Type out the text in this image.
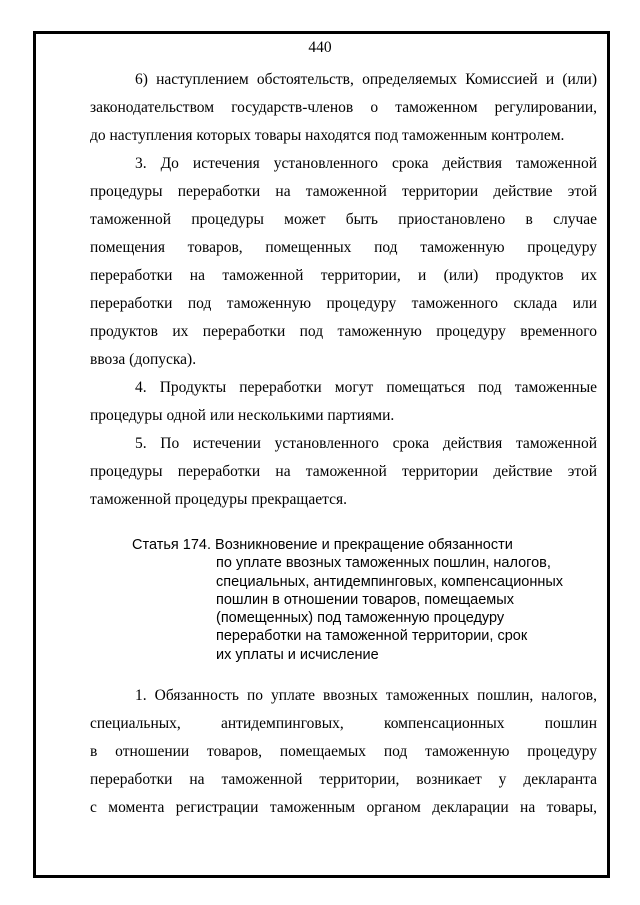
440
6) наступлением обстоятельств, определяемых Комиссией и (или)
законодательством государств-членов о таможенном регулировании,
до наступления которых товары находятся под таможенным контролем.
3. До истечения установленного срока действия таможенной
процедуры переработки на таможенной территории действие этой
таможенной процедуры может быть приостановлено в случае
помещения товаров, помещенных под таможенную процедуру
переработки на таможенной территории, и (или) продуктов их
переработки под таможенную процедуру таможенного склада или
продуктов их переработки под таможенную процедуру временного
ввоза (допуска).
4. Продукты переработки могут помещаться под таможенные
процедуры одной или несколькими партиями.
5. По истечении установленного срока действия таможенной
процедуры переработки на таможенной территории действие этой
таможенной процедуры прекращается.
Статья 174. Возникновение и прекращение обязанности
по уплате ввозных таможенных пошлин, налогов,
специальных, антидемпинговых, компенсационных
пошлин в отношении товаров, помещаемых
(помещенных) под таможенную процедуру
переработки на таможенной территории, срок
их уплаты и исчисление
1. Обязанность по уплате ввозных таможенных пошлин, налогов,
специальных, антидемпинговых, компенсационных пошлин
в отношении товаров, помещаемых под таможенную процедуру
переработки на таможенной территории, возникает у декларанта
с момента регистрации таможенным органом декларации на товары,
